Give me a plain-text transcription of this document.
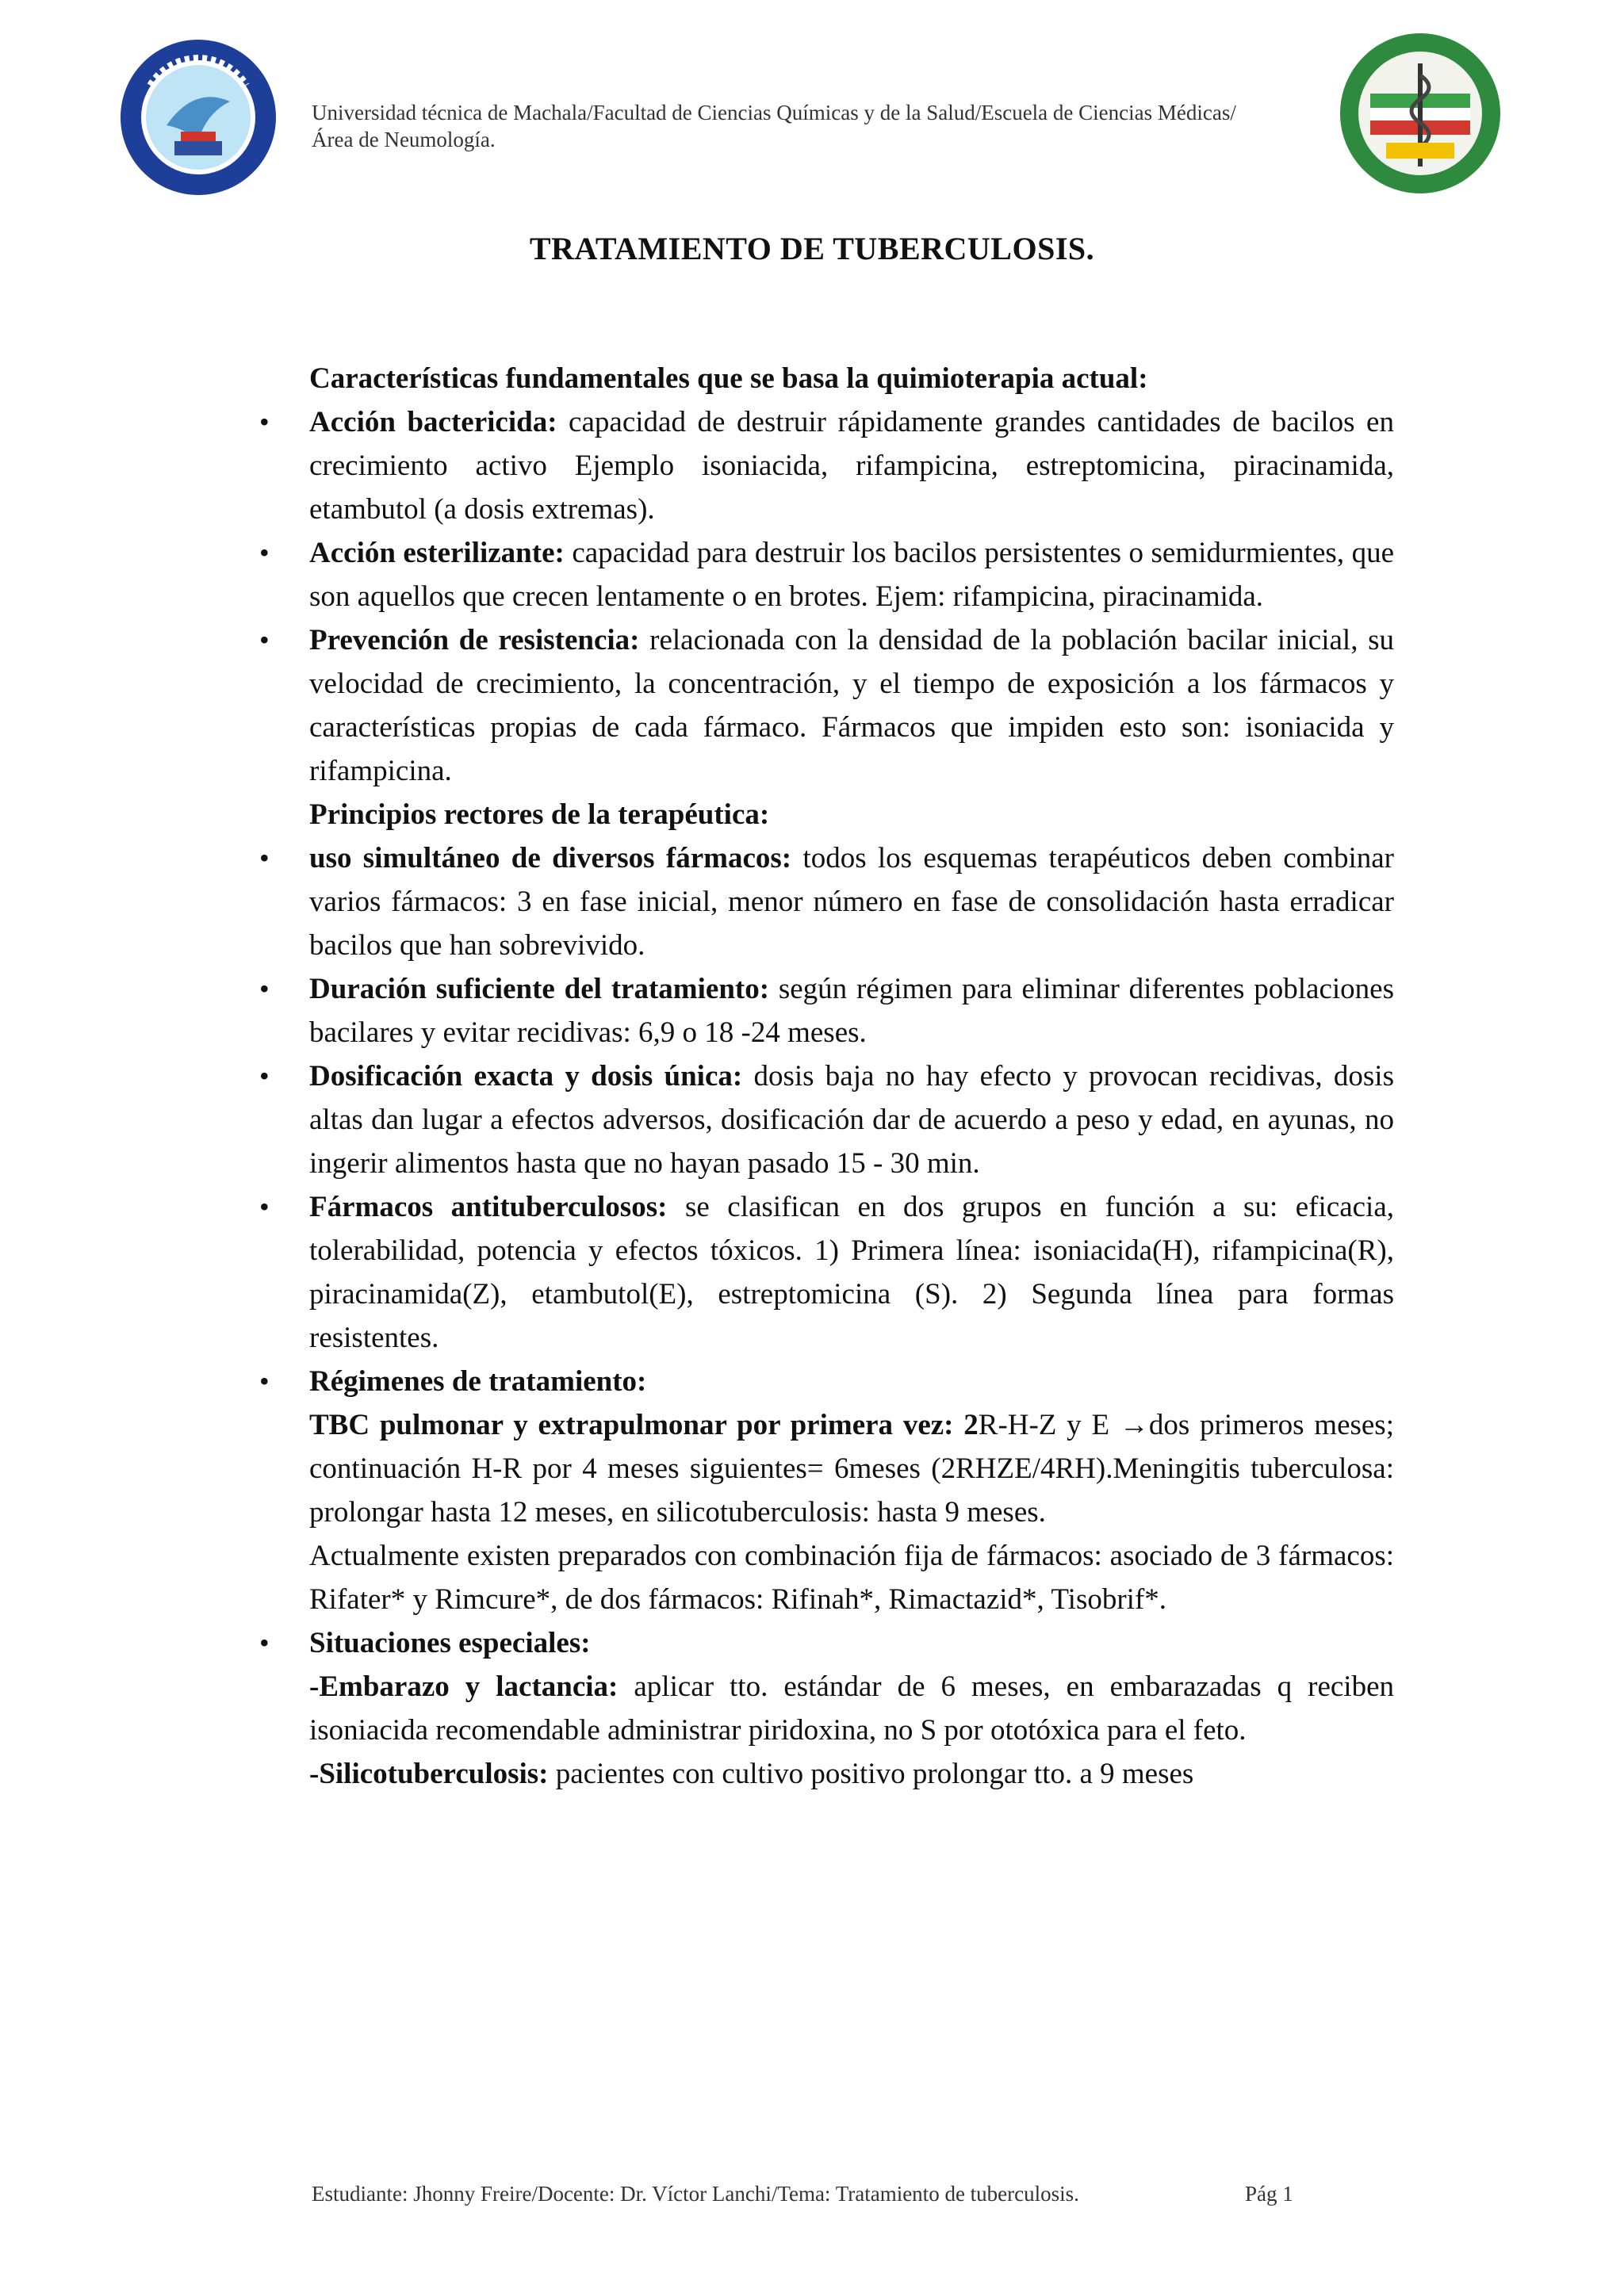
Universidad técnica de Machala/Facultad de Ciencias Químicas y de la Salud/Escuela de Ciencias Médicas/
Área de Neumología.
TRATAMIENTO DE TUBERCULOSIS.

Características fundamentales que se basa la quimioterapia actual:

• Acción bactericida: capacidad de destruir rápidamente grandes cantidades de bacilos en crecimiento activo Ejemplo isoniacida, rifampicina, estreptomicina, piracinamida, etambutol (a dosis extremas).
• Acción esterilizante: capacidad para destruir los bacilos persistentes o semidurmientes, que son aquellos que crecen lentamente o en brotes. Ejem: rifampicina, piracinamida.
• Prevención de resistencia: relacionada con la densidad de la población bacilar inicial, su velocidad de crecimiento, la concentración, y el tiempo de exposición a los fármacos y características propias de cada fármaco. Fármacos que impiden esto son: isoniacida y rifampicina.

Principios rectores de la terapéutica:

• uso simultáneo de diversos fármacos: todos los esquemas terapéuticos deben combinar varios fármacos: 3 en fase inicial, menor número en fase de consolidación hasta erradicar bacilos que han sobrevivido.
• Duración suficiente del tratamiento: según régimen para eliminar diferentes poblaciones bacilares y evitar recidivas: 6,9 o 18 -24 meses.
• Dosificación exacta y dosis única: dosis baja no hay efecto y provocan recidivas, dosis altas dan lugar a efectos adversos, dosificación dar de acuerdo a peso y edad, en ayunas, no ingerir alimentos hasta que no hayan pasado 15 - 30 min.
• Fármacos antituberculosos: se clasifican en dos grupos en función a su: eficacia, tolerabilidad, potencia y efectos tóxicos. 1) Primera línea: isoniacida(H), rifampicina(R), piracinamida(Z), etambutol(E), estreptomicina (S). 2) Segunda línea para formas resistentes.
• Régimenes de tratamiento:

TBC pulmonar y extrapulmonar por primera vez: 2R-H-Z y E →dos primeros meses; continuación H-R por 4 meses siguientes= 6meses (2RHZE/4RH).Meningitis tuberculosa: prolongar hasta 12 meses, en silicotuberculosis: hasta 9 meses.

Actualmente existen preparados con combinación fija de fármacos: asociado de 3 fármacos: Rifater* y Rimcure*, de dos fármacos: Rifinah*, Rimactazid*, Tisobrif*.

• Situaciones especiales:

-Embarazo y lactancia: aplicar tto. estándar de 6 meses, en embarazadas q reciben isoniacida recomendable administrar piridoxina, no S por ototóxica para el feto.

-Silicotuberculosis: pacientes con cultivo positivo prolongar tto. a 9 meses

Estudiante: Jhonny Freire/Docente: Dr. Víctor Lanchi/Tema: Tratamiento de tuberculosis.	Pág 1
